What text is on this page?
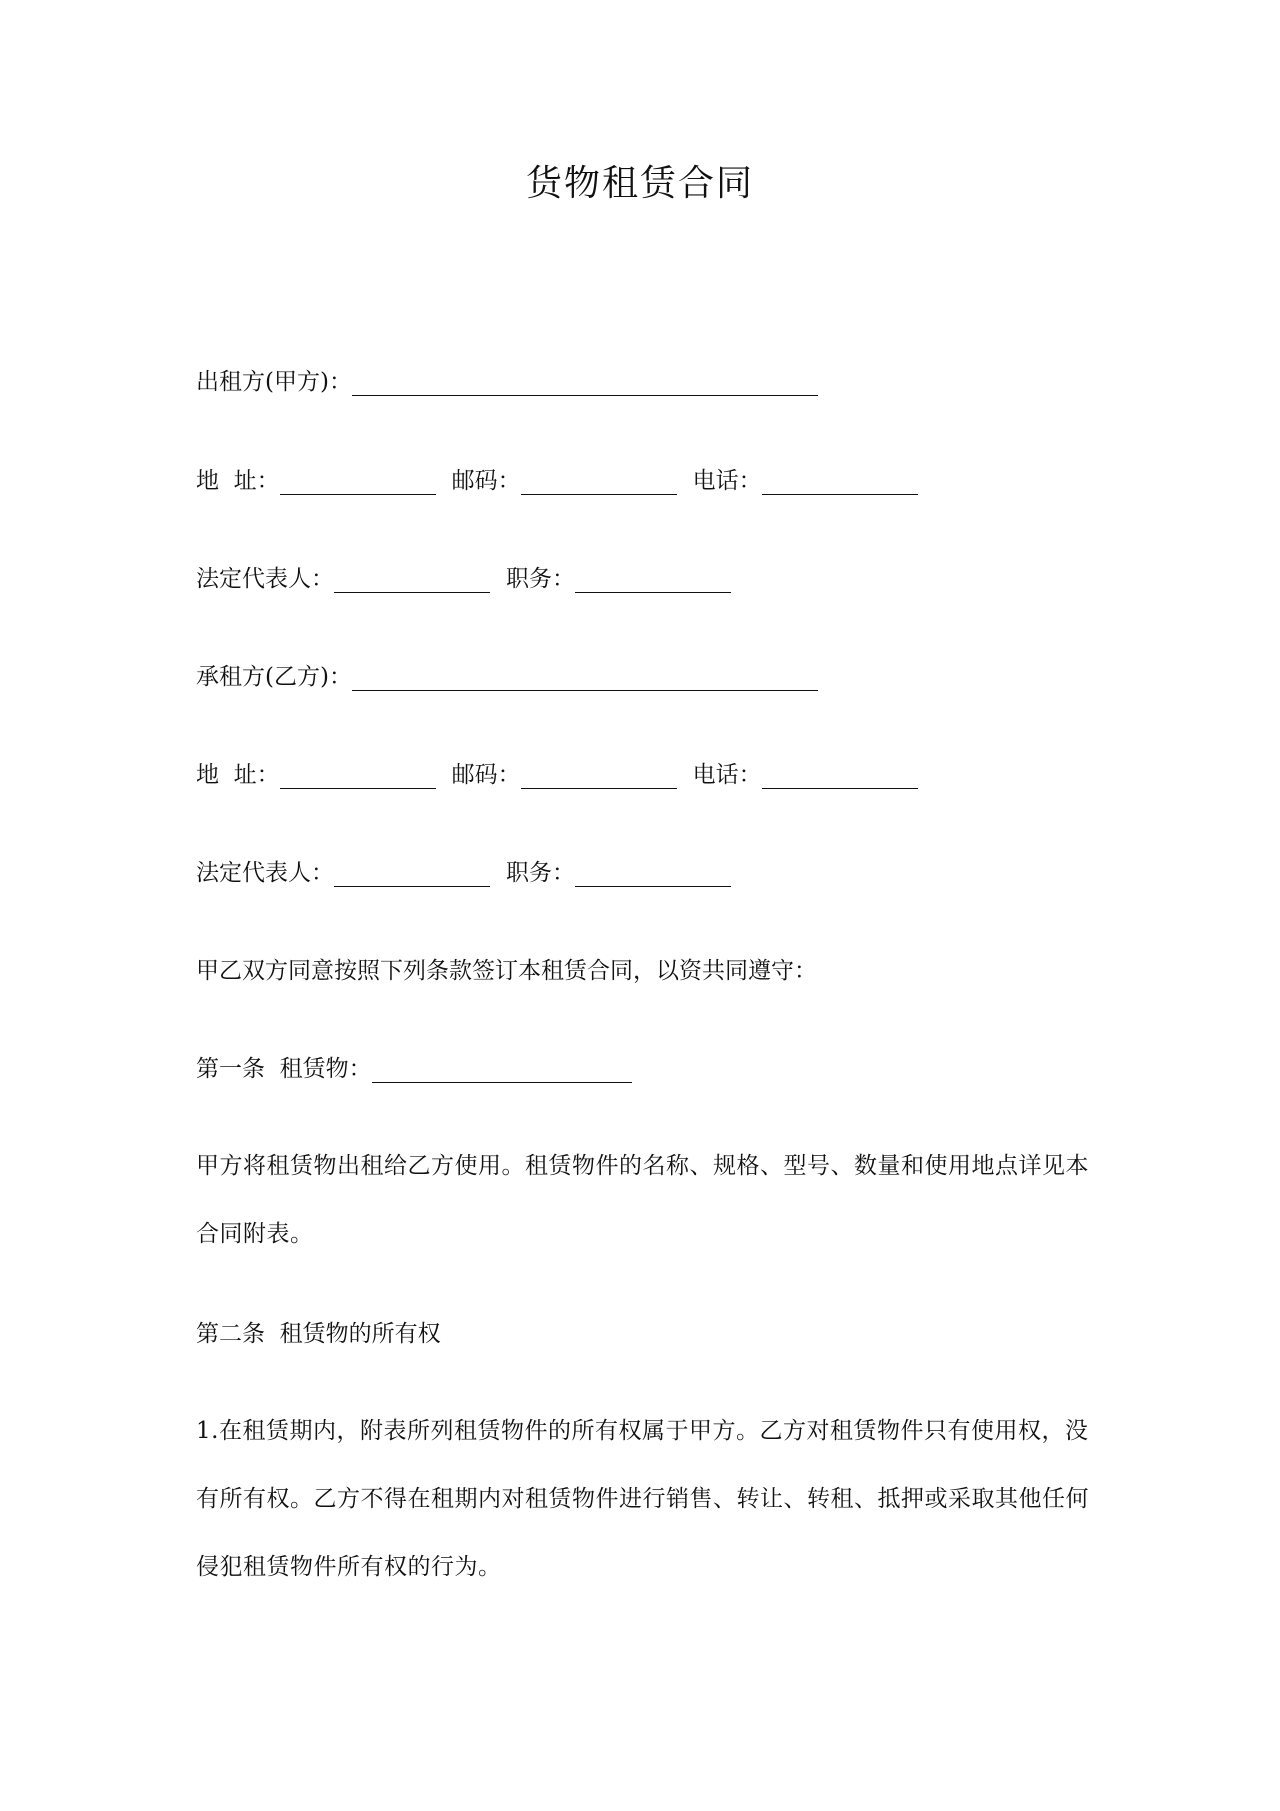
货物租赁合同
出租方(甲方)：
地  址：	邮码：	电话：
法定代表人：	职务：
承租方(乙方)：
地  址：	邮码：	电话：
法定代表人：	职务：
甲乙双方同意按照下列条款签订本租赁合同，以资共同遵守：
第一条  租赁物：
甲方将租赁物出租给乙方使用。租赁物件的名称、规格、型号、数量和使用地点详见本合同附表。
第二条  租赁物的所有权
1.在租赁期内，附表所列租赁物件的所有权属于甲方。乙方对租赁物件只有使用权，没有所有权。乙方不得在租期内对租赁物件进行销售、转让、转租、抵押或采取其他任何侵犯租赁物件所有权的行为。
